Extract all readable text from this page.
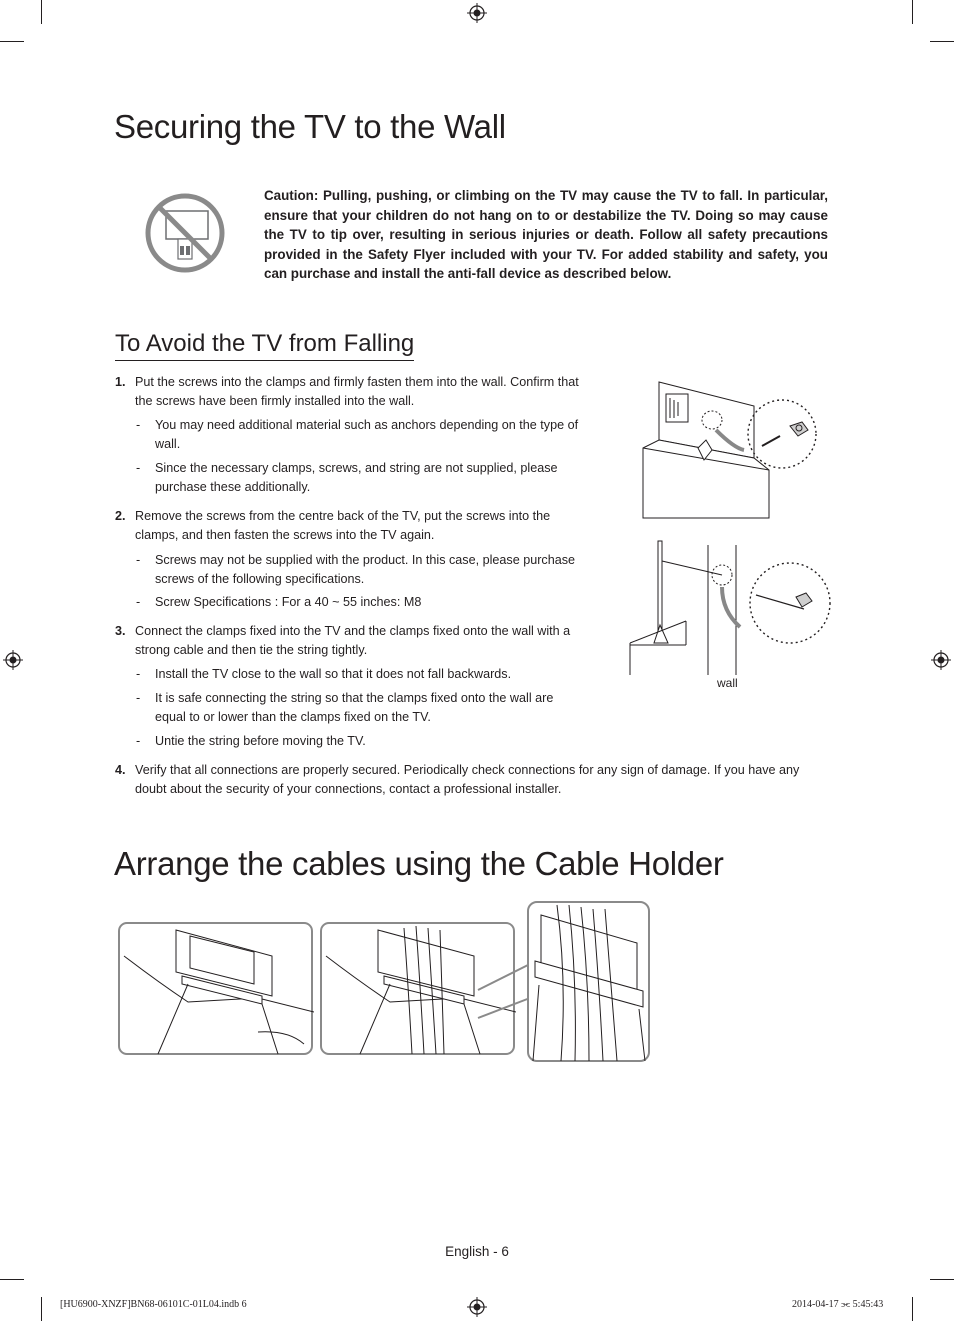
Securing the TV to the Wall
Caution: Pulling, pushing, or climbing on the TV may cause the TV to fall. In particular, ensure that your children do not hang on to or destabilize the TV. Doing so may cause the TV to tip over, resulting in serious injuries or death. Follow all safety precautions provided in the Safety Flyer included with your TV. For added stability and safety, you can purchase and install the anti-fall device as described below.
To Avoid the TV from Falling
1. Put the screws into the clamps and firmly fasten them into the wall. Confirm that
the screws have been firmly installed into the wall.
- You may need additional material such as anchors depending on the type of
wall.
- Since the necessary clamps, screws, and string are not supplied, please
purchase these additionally.
2. Remove the screws from the centre back of the TV, put the screws into the
clamps, and then fasten the screws into the TV again.
- Screws may not be supplied with the product. In this case, please purchase
screws of the following specifications.
- Screw Specifications : For a 40 ~ 55 inches: M8
3. Connect the clamps fixed into the TV and the clamps fixed onto the wall with a
strong cable and then tie the string tightly.
- Install the TV close to the wall so that it does not fall backwards.
- It is safe connecting the string so that the clamps fixed onto the wall are
equal to or lower than the clamps fixed on the TV.
- Untie the string before moving the TV.
4. Verify that all connections are properly secured. Periodically check connections for any sign of damage. If you have any
doubt about the security of your connections, contact a professional installer.
wall
Arrange the cables using the Cable Holder
English - 6
[HU6900-XNZF]BN68-06101C-01L04.indb 6	2014-04-17 ⫘ 5:45:43
